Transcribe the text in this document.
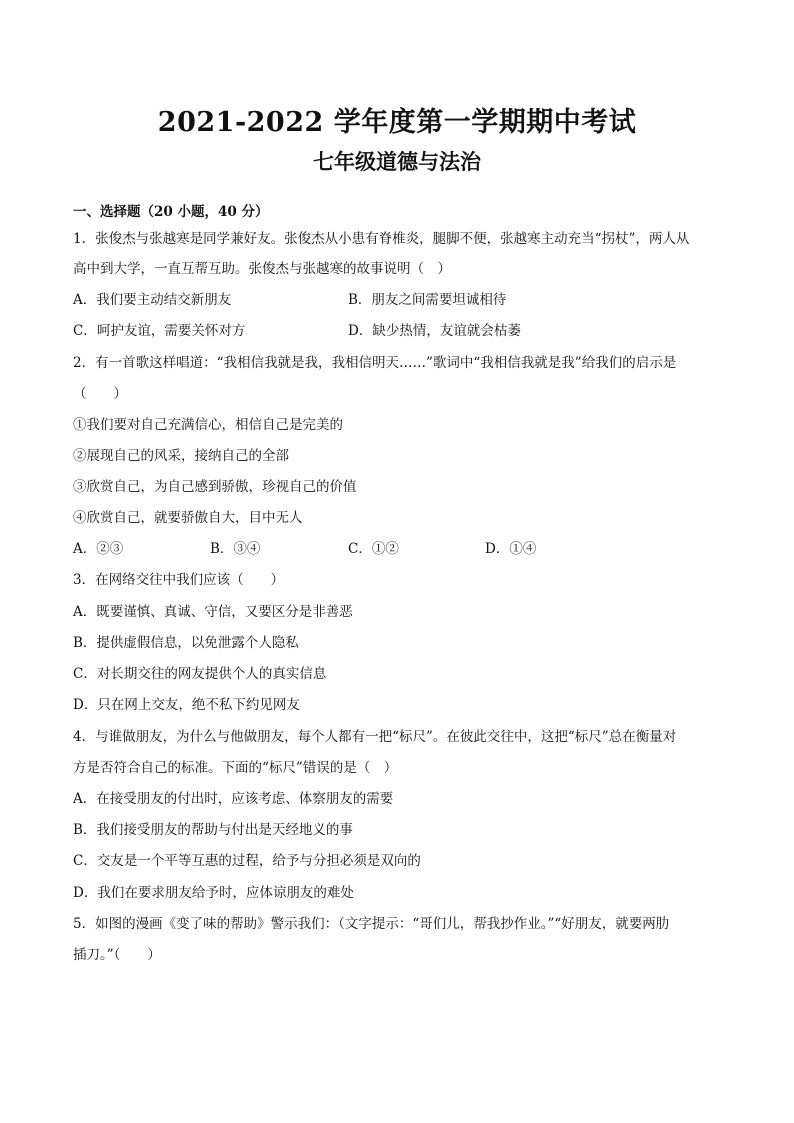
2021-2022 学年度第一学期期中考试
七年级道德与法治
一、选择题（20 小题，40 分）
1．张俊杰与张越寒是同学兼好友。张俊杰从小患有脊椎炎，腿脚不便，张越寒主动充当“拐杖”，两人从
高中到大学，一直互帮互助。张俊杰与张越寒的故事说明（　）
A．我们要主动结交新朋友	B．朋友之间需要坦诚相待
C．呵护友谊，需要关怀对方	D．缺少热情，友谊就会枯萎
2．有一首歌这样唱道：“我相信我就是我，我相信明天……”歌词中“我相信我就是我”给我们的启示是
（　　）
①我们要对自己充满信心，相信自己是完美的
②展现自己的风采，接纳自己的全部
③欣赏自己，为自己感到骄傲，珍视自己的价值
④欣赏自己，就要骄傲自大，目中无人
A．②③	B．③④	C．①②	D．①④
3．在网络交往中我们应该（　　）
A．既要谨慎、真诚、守信，又要区分是非善恶
B．提供虚假信息，以免泄露个人隐私
C．对长期交往的网友提供个人的真实信息
D．只在网上交友，绝不私下约见网友
4．与谁做朋友，为什么与他做朋友，每个人都有一把“标尺”。在彼此交往中，这把“标尺”总在衡量对
方是否符合自己的标准。下面的“标尺”错误的是（　）
A．在接受朋友的付出时，应该考虑、体察朋友的需要
B．我们接受朋友的帮助与付出是天经地义的事
C．交友是一个平等互惠的过程，给予与分担必须是双向的
D．我们在要求朋友给予时，应体谅朋友的难处
5．如图的漫画《变了味的帮助》警示我们：（文字提示：“哥们儿，帮我抄作业。”“好朋友，就要两肋
插刀。”（　　）
